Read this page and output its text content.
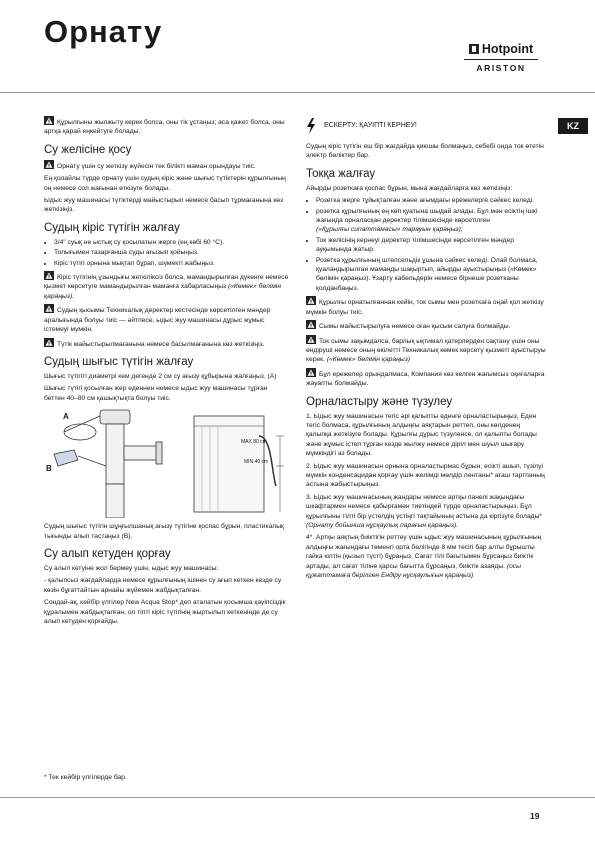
Орнату	Hotpoint
ARISTON
KZ

Құрылғыны жылжыту керек болса, оны тік ұстаңыз; аса қажет болса, оны артқа қарай еңкейтуге болады.

Су желісіне қосу

Орнату үшін су жеткізу жүйесін тек білікті маман орындауы тиіс.

Ең қолайлы түрде орнату үшін судың кіріс және шығыс түтіктерін құрылғының оң немесе сол жағынан өткізуге болады.

Ыдыс жуу машинасы түтіктерді майыстырып немесе басып тұрмағанына көз жеткізіңіз.

Судың кіріс түтігін жалғау
• 3/4" суық не ыстық су қосылатын жерге (ең көбі 60 °C).
• Толығымен тазарғанша суды ағызып қойыңыз.
• Кіріс түтігі орнына мықтап бұрап, шүмекті жабыңыз.

Кіріс түтігінің ұзындығы жеткіліксіз болса, мамандырылған дүкенге немесе қызмет көрсетуге мамандырылған маманға хабарласыңыз («Көмек» бөлімін қараңыз).

Судың қысымы Техникалық деректер кестесінде көрсетілген мәндер аралығында болуы тиіс — әйтпесе, ыдыс жуу машинасы дұрыс жұмыс істемеуі мүмкін.

Түтік майыстырылмағанына немесе басылмағанына көз жеткізіңіз.

Судың шығыс түтігін жалғау

Шығыс түтігіті диаметрі кем дегенде 2 см су ағызу құбырына жалғаңыз. (A)

Шығыс түтігі қосылған жер еденнен немесе ыдыс жуу машинасы тұрған беттен 40–80 см қашықтықта болуы тиіс.

A
B
MAX 80 cm
MIN 40 cm

Судың шығыс түтігін шұңғылшанық ағызу түтігіне қоспас бұрын, пластикалық тығынды алып тастаңыз (B).

Су алып кетуден қорғау

Су алып кетуіне жол бермеу үшін, ыдыс жуу машинасы:

- қалыпсыз жағдайларда немесе құрылғының ішінен су ағып кеткен кезде су көзін бұғаттайтын арнайы жүйемен жабдықталған.

Сондай-ақ, кейбір үлгілер New Acqua Stop* деп аталатын қосымша қауіпсіздік құралымен жабдықталған, ол тіпті кіріс түтігінің жыртылып кеткенінде де су алып кетуден қорғайды.

ЕСКЕРТУ: ҚАУІПТІ КЕРНЕУ!

Судың кіріс түтігін еш бір жағдайда қиюшы болмаңыз, себебі онда ток өтетін электр бөліктер бар.

Токқа жалғау

Айырды розеткаға қоспас бұрын, мына жағдайларға көз жеткізіңіз:

• Розетка жерге тұйықталған және ағымдағы ережелерге сәйкес келеді.
• розетка құрылғының ең көп қуатына шыдай алады. Бұл мән есіктің ішкі жағында орналасқан деректер тілімшесінде көрсетілген
(«Құрылғы сипаттамасы» тарауын қараңыз);
• Ток желісінің кернеуі деректер тілімшесінде көрсетілген мәндер ауқымында жатыр.
• Розетка құрылғының штепсельдік ұшына сәйкес келеді. Олай болмаса, қуаландырылған маманды шақыртып, айырды ауыстырыңыз («Көмек» бөлімін қараңыз). Ұзарту кабельдерін немесе бірнеше розетканы қолданбаңыз.

Құрылғы орнатылғаннан кейін, ток сымы мен розеткаға оңай қол жеткізу мүмкін болуы тиіс.

Сымы майыстырылуға немесе оған қысым салуға болмайды.

Ток сымы зақымдалса, барлық ықтимал қатерлерден сақтану үшін оны өндіруші немесе оның өкілетті Техникалық көмек көрсету қызметі ауыстыруы керек. («Көмек» бөлімін қараңыз)

Бұл ережелер орындалмаса, Компания көз келген жағымсыз оқиғаларға жауапты болмайды.

Орналастыру және түзулеу

1. Ыдыс жуу машинасын тегіс әрі қалыпты еденге орналастырыңыз. Еден тегіс болмаса, құрылғының алдыңғы аяқтарын реттеп, оны көлденең қалыпқа жеткізуге болады. Құрылғы дұрыс түзуленсе, ол қалыпты болады және жұмыс істеп тұрған кезде жылжу немесе діріл мен шуыл шығару мүмкіндігі аз болады.

2. Ыдыс жуу машинасын орнына орналастырмас бұрын, есікті ашып, түзілуі мүмкін конденсацидан қорғау үшін желімді мөлдір лентаны* ағаш тартпаның астына жабыстырыңыз.

3. Ыдыс жуу машинасының жандары немесе артқы панелі жақындағы шкафтармен немесе қабырғамен тиетіндей түрде орналастырыңыз. Бұл құрылғыны тілті бір үстелдің үстіңгі тақтайының астына да кіргізуге болады* (Орнату бойынша нұсқаулық парағын қараңыз).

4*. Артқы аяқтың биіктігін реттеу үшін ыдыс жуу машинасының құрылғының алдыңғы жағындағы төменгі орта бөлігінде 8 мм тесігі бар алты бұрышты гайка кілтін (қызыл түсті) бұраңыз. Сағат тілі бағытымен бұрсаңыз биіктік артады, ал сағат тіліне қарсы бағытта бұрсаңыз, биіктік азаяды. (осы құжаттамаға берілген Ендіру нұсқаулығын қараңыз)

* Тек кейбір үлгілерде бар.
19
